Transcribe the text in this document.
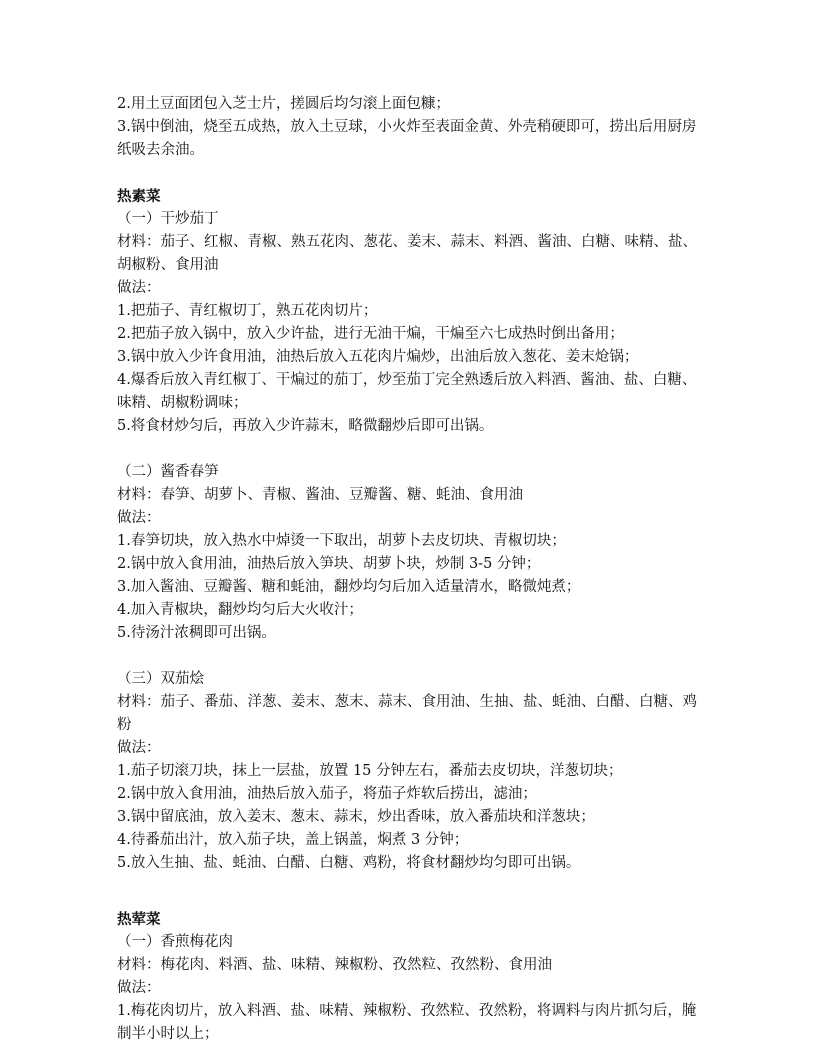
2.用土豆面团包入芝士片，搓圆后均匀滚上面包糠；

3.锅中倒油，烧至五成热，放入土豆球，小火炸至表面金黄、外壳稍硬即可，捞出后用厨房纸吸去余油。

热素菜

（一）干炒茄丁

材料：茄子、红椒、青椒、熟五花肉、葱花、姜末、蒜末、料酒、酱油、白糖、味精、盐、胡椒粉、食用油

做法：

1.把茄子、青红椒切丁，熟五花肉切片；

2.把茄子放入锅中，放入少许盐，进行无油干煸，干煸至六七成热时倒出备用；

3.锅中放入少许食用油，油热后放入五花肉片煸炒，出油后放入葱花、姜末炝锅；

4.爆香后放入青红椒丁、干煸过的茄丁，炒至茄丁完全熟透后放入料酒、酱油、盐、白糖、味精、胡椒粉调味；

5.将食材炒匀后，再放入少许蒜末，略微翻炒后即可出锅。

（二）酱香春笋

材料：春笋、胡萝卜、青椒、酱油、豆瓣酱、糖、蚝油、食用油

做法：

1.春笋切块，放入热水中焯烫一下取出，胡萝卜去皮切块、青椒切块；

2.锅中放入食用油，油热后放入笋块、胡萝卜块，炒制 3-5 分钟；

3.加入酱油、豆瓣酱、糖和蚝油，翻炒均匀后加入适量清水，略微炖煮；

4.加入青椒块，翻炒均匀后大火收汁；

5.待汤汁浓稠即可出锅。

（三）双茄烩

材料：茄子、番茄、洋葱、姜末、葱末、蒜末、食用油、生抽、盐、蚝油、白醋、白糖、鸡粉

做法：

1.茄子切滚刀块，抹上一层盐，放置 15 分钟左右，番茄去皮切块，洋葱切块；

2.锅中放入食用油，油热后放入茄子，将茄子炸软后捞出，滤油；

3.锅中留底油，放入姜末、葱末、蒜末，炒出香味，放入番茄块和洋葱块；

4.待番茄出汁，放入茄子块，盖上锅盖，焖煮 3 分钟；

5.放入生抽、盐、蚝油、白醋、白糖、鸡粉，将食材翻炒均匀即可出锅。

热荤菜

（一）香煎梅花肉

材料：梅花肉、料酒、盐、味精、辣椒粉、孜然粒、孜然粉、食用油

做法：

1.梅花肉切片，放入料酒、盐、味精、辣椒粉、孜然粒、孜然粉，将调料与肉片抓匀后，腌制半小时以上；
